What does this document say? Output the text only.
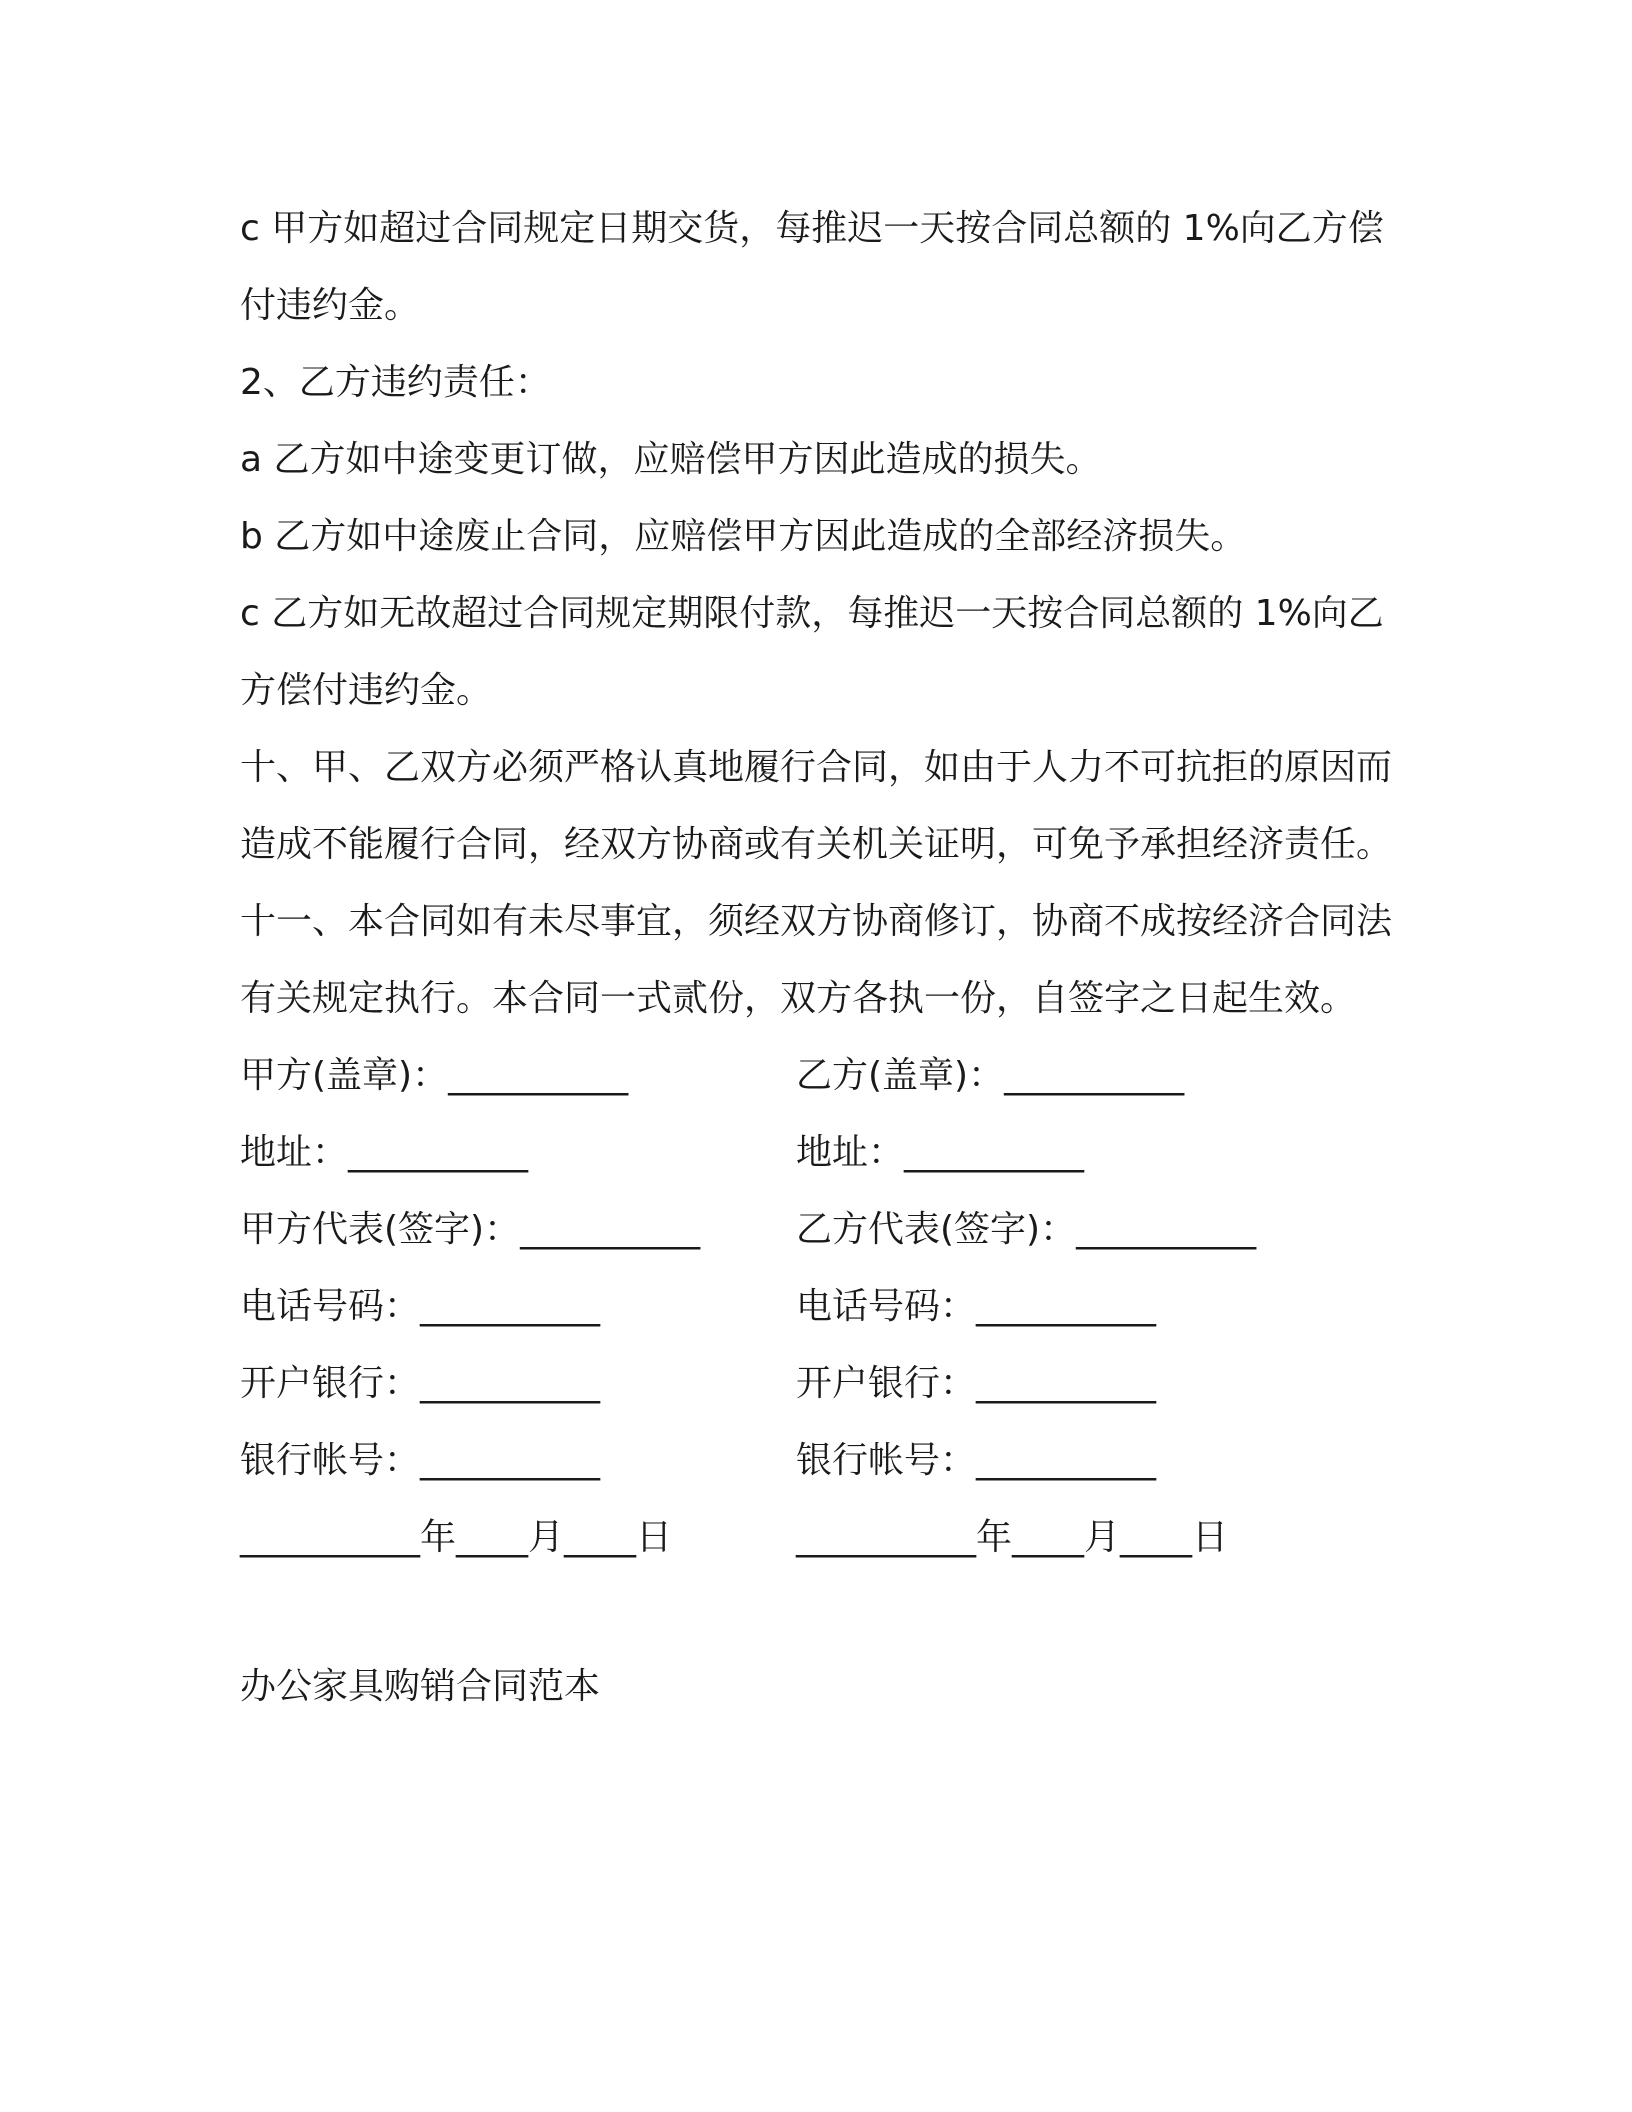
c 甲方如超过合同规定日期交货，每推迟一天按合同总额的 1%向乙方偿付违约金。

2、乙方违约责任：

a 乙方如中途变更订做，应赔偿甲方因此造成的损失。

b 乙方如中途废止合同，应赔偿甲方因此造成的全部经济损失。

c 乙方如无故超过合同规定期限付款，每推迟一天按合同总额的 1%向乙方偿付违约金。

十、甲、乙双方必须严格认真地履行合同，如由于人力不可抗拒的原因而造成不能履行合同，经双方协商或有关机关证明，可免予承担经济责任。

十一、本合同如有未尽事宜，须经双方协商修订，协商不成按经济合同法有关规定执行。本合同一式贰份，双方各执一份，自签字之日起生效。

甲方(盖章)：__________	乙方(盖章)：__________
地址：__________	地址：__________
甲方代表(签字)：__________	乙方代表(签字)：__________
电话号码：__________	电话号码：__________
开户银行：__________	开户银行：__________
银行帐号：__________	银行帐号：__________
__________年____月____日	__________年____月____日

办公家具购销合同范本
